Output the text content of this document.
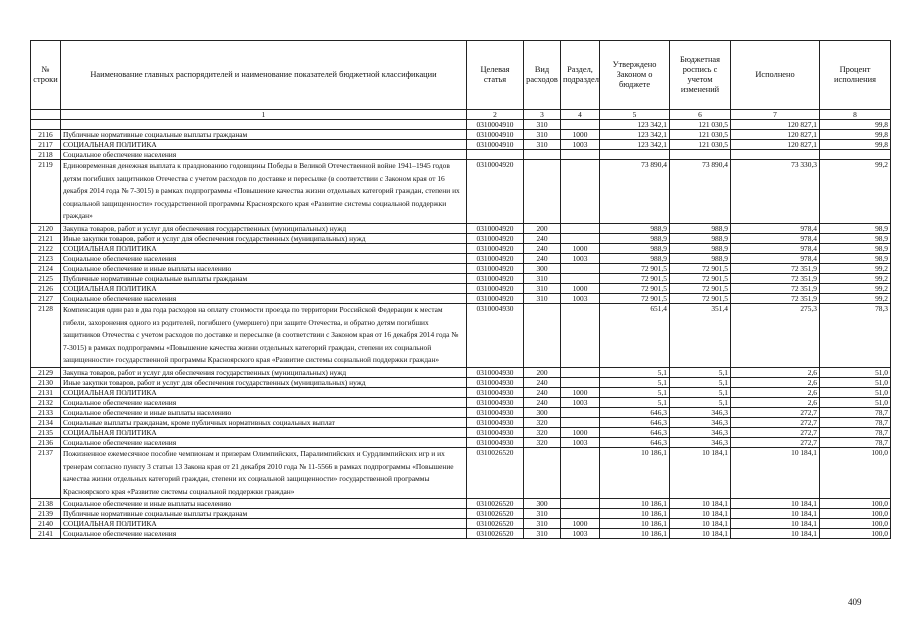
№ строки	Наименование главных распорядителей и наименование показателей бюджетной классификации	Целевая статья	Вид расходов	Раздел, подраздел	Утверждено Законом о бюджете	Бюджетная роспись с учетом изменений	Исполнено	Процент исполнения
	1	2	3	4	5	6	7	8
		0310004910	310		123 342,1	121 030,5	120 827,1	99,8
2116	Публичные нормативные социальные выплаты гражданам	0310004910	310	1000	123 342,1	121 030,5	120 827,1	99,8
2117	СОЦИАЛЬНАЯ ПОЛИТИКА	0310004910	310	1003	123 342,1	121 030,5	120 827,1	99,8
2118	Социальное обеспечение населения							
2119	Единовременная денежная выплата к празднованию годовщины Победы в Великой Отечественной войне 1941–1945 годов детям погибших защитников Отечества с учетом расходов по доставке и пересылке (в соответствии с Законом края от 16 декабря 2014 года № 7-3015) в рамках подпрограммы «Повышение качества жизни отдельных категорий граждан, степени их социальной защищенности» государственной программы Красноярского края «Развитие системы социальной поддержки граждан»	0310004920			73 890,4	73 890,4	73 330,3	99,2
2120	Закупка товаров, работ и услуг для обеспечения государственных (муниципальных) нужд	0310004920	200		988,9	988,9	978,4	98,9
2121	Иные закупки товаров, работ и услуг для обеспечения государственных (муниципальных) нужд	0310004920	240		988,9	988,9	978,4	98,9
2122	СОЦИАЛЬНАЯ ПОЛИТИКА	0310004920	240	1000	988,9	988,9	978,4	98,9
2123	Социальное обеспечение населения	0310004920	240	1003	988,9	988,9	978,4	98,9
2124	Социальное обеспечение и иные выплаты населению	0310004920	300		72 901,5	72 901,5	72 351,9	99,2
2125	Публичные нормативные социальные выплаты гражданам	0310004920	310		72 901,5	72 901,5	72 351,9	99,2
2126	СОЦИАЛЬНАЯ ПОЛИТИКА	0310004920	310	1000	72 901,5	72 901,5	72 351,9	99,2
2127	Социальное обеспечение населения	0310004920	310	1003	72 901,5	72 901,5	72 351,9	99,2
2128	Компенсация один раз в два года расходов на оплату стоимости проезда по территории Российской Федерации к местам гибели, захоронения одного из родителей, погибшего (умершего) при защите Отечества, и обратно детям погибших защитников Отечества с учетом расходов по доставке и пересылке (в соответствии с Законом края от 16 декабря 2014 года № 7-3015) в рамках подпрограммы «Повышение качества жизни отдельных категорий граждан, степени их социальной защищенности» государственной программы Красноярского края «Развитие системы социальной поддержки граждан»	0310004930			651,4	351,4	275,3	78,3
2129	Закупка товаров, работ и услуг для обеспечения государственных (муниципальных) нужд	0310004930	200		5,1	5,1	2,6	51,0
2130	Иные закупки товаров, работ и услуг для обеспечения государственных (муниципальных) нужд	0310004930	240		5,1	5,1	2,6	51,0
2131	СОЦИАЛЬНАЯ ПОЛИТИКА	0310004930	240	1000	5,1	5,1	2,6	51,0
2132	Социальное обеспечение населения	0310004930	240	1003	5,1	5,1	2,6	51,0
2133	Социальное обеспечение и иные выплаты населению	0310004930	300		646,3	346,3	272,7	78,7
2134	Социальные выплаты гражданам, кроме публичных нормативных социальных выплат	0310004930	320		646,3	346,3	272,7	78,7
2135	СОЦИАЛЬНАЯ ПОЛИТИКА	0310004930	320	1000	646,3	346,3	272,7	78,7
2136	Социальное обеспечение населения	0310004930	320	1003	646,3	346,3	272,7	78,7
2137	Пожизненное ежемесячное пособие чемпионам и призерам Олимпийских, Паралимпийских и Сурдлимпийских игр и их тренерам согласно пункту 3 статьи 13 Закона края от 21 декабря 2010 года № 11-5566 в рамках подпрограммы «Повышение качества жизни отдельных категорий граждан, степени их социальной защищенности» государственной программы Красноярского края «Развитие системы социальной поддержки граждан»	0310026520			10 186,1	10 184,1	10 184,1	100,0
2138	Социальное обеспечение и иные выплаты населению	0310026520	300		10 186,1	10 184,1	10 184,1	100,0
2139	Публичные нормативные социальные выплаты гражданам	0310026520	310		10 186,1	10 184,1	10 184,1	100,0
2140	СОЦИАЛЬНАЯ ПОЛИТИКА	0310026520	310	1000	10 186,1	10 184,1	10 184,1	100,0
2141	Социальное обеспечение населения	0310026520	310	1003	10 186,1	10 184,1	10 184,1	100,0
409
